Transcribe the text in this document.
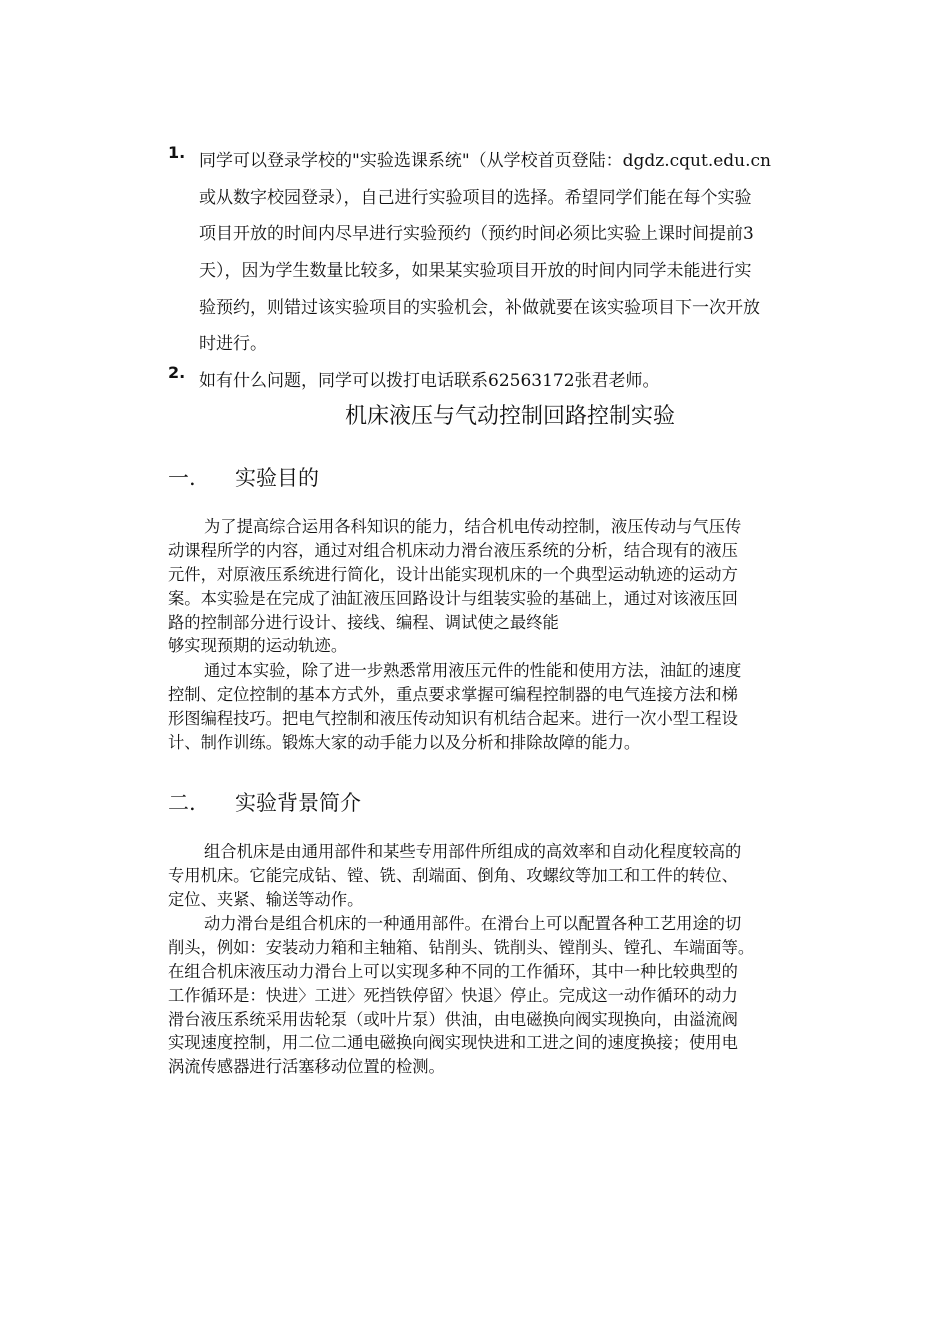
1. 同学可以登录学校的"实验选课系统"（从学校首页登陆：dgdz.cqut.edu.cn
或从数字校园登录），自己进行实验项目的选择。希望同学们能在每个实验
项目开放的时间内尽早进行实验预约（预约时间必须比实验上课时间提前3
天），因为学生数量比较多，如果某实验项目开放的时间内同学未能进行实
验预约，则错过该实验项目的实验机会，补做就要在该实验项目下一次开放
时进行。
2. 如有什么问题，同学可以拨打电话联系62563172张君老师。
机床液压与气动控制回路控制实验
一. 实验目的
为了提高综合运用各科知识的能力，结合机电传动控制，液压传动与气压传
动课程所学的内容，通过对组合机床动力滑台液压系统的分析，结合现有的液压
元件，对原液压系统进行简化，设计出能实现机床的一个典型运动轨迹的运动方
案。本实验是在完成了油缸液压回路设计与组装实验的基础上，通过对该液压回
路的控制部分进行设计、接线、编程、调试使之最终能
够实现预期的运动轨迹。
通过本实验，除了进一步熟悉常用液压元件的性能和使用方法，油缸的速度
控制、定位控制的基本方式外，重点要求掌握可编程控制器的电气连接方法和梯
形图编程技巧。把电气控制和液压传动知识有机结合起来。进行一次小型工程设
计、制作训练。锻炼大家的动手能力以及分析和排除故障的能力。
二. 实验背景简介
组合机床是由通用部件和某些专用部件所组成的高效率和自动化程度较高的
专用机床。它能完成钻、镗、铣、刮端面、倒角、攻螺纹等加工和工件的转位、
定位、夹紧、输送等动作。
动力滑台是组合机床的一种通用部件。在滑台上可以配置各种工艺用途的切
削头，例如：安装动力箱和主轴箱、钻削头、铣削头、镗削头、镗孔、车端面等。
在组合机床液压动力滑台上可以实现多种不同的工作循环，其中一种比较典型的
工作循环是：快进〉工进〉死挡铁停留〉快退〉停止。完成这一动作循环的动力
滑台液压系统采用齿轮泵（或叶片泵）供油，由电磁换向阀实现换向，由溢流阀
实现速度控制，用二位二通电磁换向阀实现快进和工进之间的速度换接；使用电
涡流传感器进行活塞移动位置的检测。
